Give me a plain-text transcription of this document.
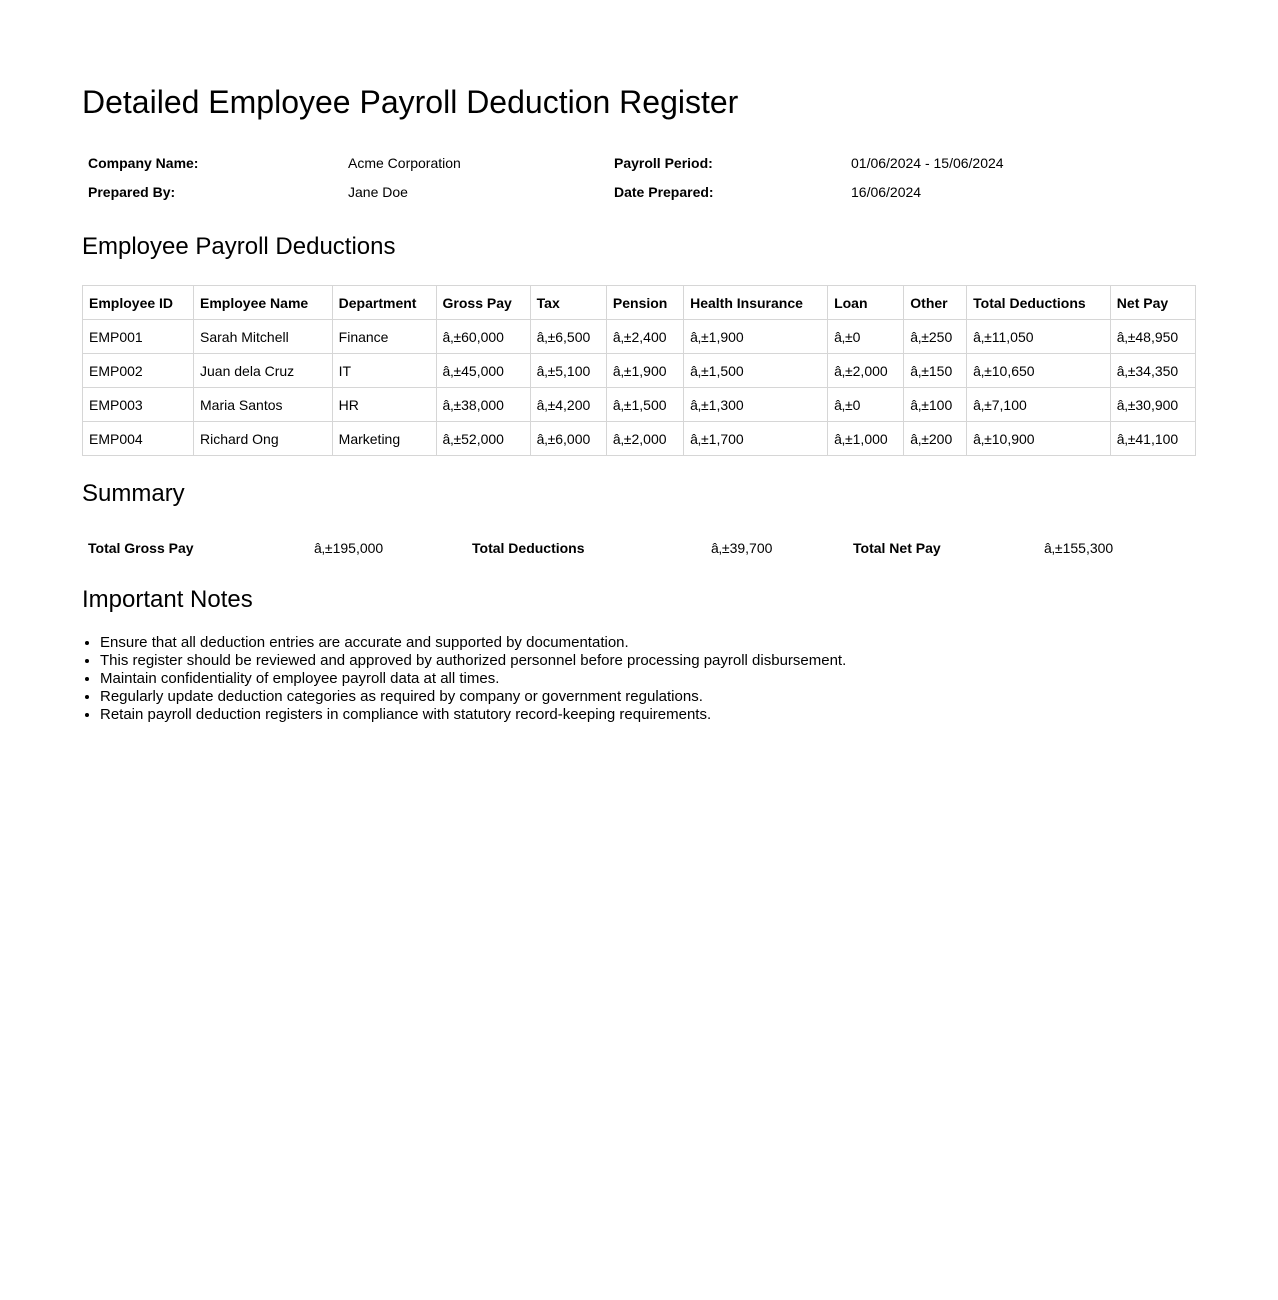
Detailed Employee Payroll Deduction Register
Company Name:	Acme Corporation	Payroll Period:	01/06/2024 - 15/06/2024
Prepared By:	Jane Doe	Date Prepared:	16/06/2024
Employee Payroll Deductions
Employee ID	Employee Name	Department	Gross Pay	Tax	Pension	Health Insurance	Loan	Other	Total Deductions	Net Pay
EMP001	Sarah Mitchell	Finance	â‚±60,000	â‚±6,500	â‚±2,400	â‚±1,900	â‚±0	â‚±250	â‚±11,050	â‚±48,950
EMP002	Juan dela Cruz	IT	â‚±45,000	â‚±5,100	â‚±1,900	â‚±1,500	â‚±2,000	â‚±150	â‚±10,650	â‚±34,350
EMP003	Maria Santos	HR	â‚±38,000	â‚±4,200	â‚±1,500	â‚±1,300	â‚±0	â‚±100	â‚±7,100	â‚±30,900
EMP004	Richard Ong	Marketing	â‚±52,000	â‚±6,000	â‚±2,000	â‚±1,700	â‚±1,000	â‚±200	â‚±10,900	â‚±41,100
Summary
Total Gross Pay	â‚±195,000	Total Deductions	â‚±39,700	Total Net Pay	â‚±155,300
Important Notes
• Ensure that all deduction entries are accurate and supported by documentation.
• This register should be reviewed and approved by authorized personnel before processing payroll disbursement.
• Maintain confidentiality of employee payroll data at all times.
• Regularly update deduction categories as required by company or government regulations.
• Retain payroll deduction registers in compliance with statutory record-keeping requirements.
